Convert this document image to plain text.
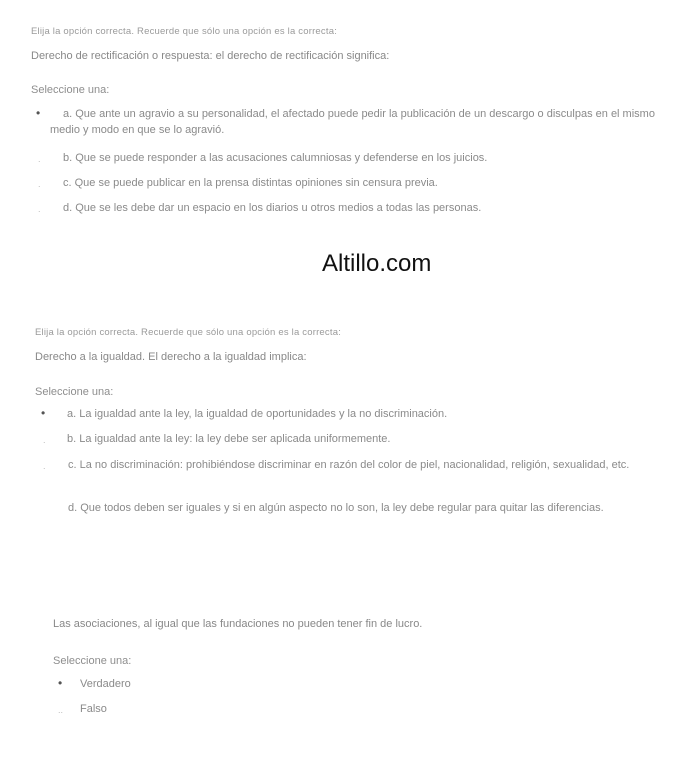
Elija la opción correcta. Recuerde que sólo una opción es la correcta:
Derecho de rectificación o respuesta: el derecho de rectificación significa:
Seleccione una:
•
a. Que ante un agravio a su personalidad, el afectado puede pedir la publicación de un descargo o disculpas en el mismo medio y modo en que se lo agravió.
. b. Que se puede responder a las acusaciones calumniosas y defenderse en los juicios.
. c. Que se puede publicar en la prensa distintas opiniones sin censura previa.
. d. Que se les debe dar un espacio en los diarios u otros medios a todas las personas.
Altillo.com
Elija la opción correcta. Recuerde que sólo una opción es la correcta:
Derecho a la igualdad. El derecho a la igualdad implica:
Seleccione una:
•
a. La igualdad ante la ley, la igualdad de oportunidades y la no discriminación.
. b. La igualdad ante la ley: la ley debe ser aplicada uniformemente.
.	c. La no discriminación: prohibiéndose discriminar en razón del color de piel, nacionalidad, religión, sexualidad, etc.
d. Que todos deben ser iguales y si en algún aspecto no lo son, la ley debe regular para quitar las diferencias.
Las asociaciones, al igual que las fundaciones no pueden tener fin de lucro.
Seleccione una:
•
Verdadero
.. Falso
